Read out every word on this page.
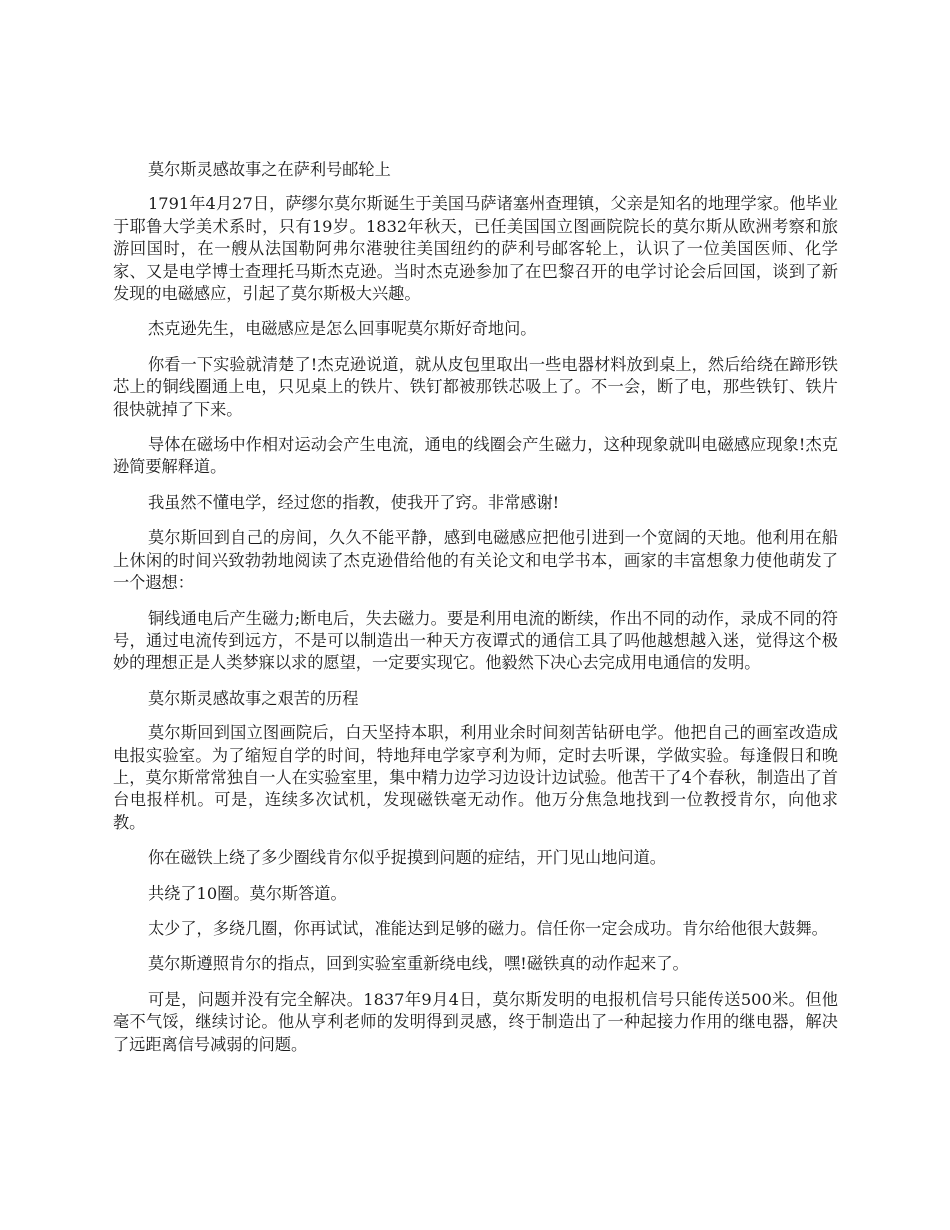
莫尔斯灵感故事之在萨利号邮轮上

1791年4月27日，萨缪尔莫尔斯诞生于美国马萨诸塞州查理镇，父亲是知名的地理学家。他毕业于耶鲁大学美术系时，只有19岁。1832年秋天，已任美国国立图画院院长的莫尔斯从欧洲考察和旅游回国时，在一艘从法国勒阿弗尔港驶往美国纽约的萨利号邮客轮上，认识了一位美国医师、化学家、又是电学博士查理托马斯杰克逊。当时杰克逊参加了在巴黎召开的电学讨论会后回国，谈到了新发现的电磁感应，引起了莫尔斯极大兴趣。

杰克逊先生，电磁感应是怎么回事呢莫尔斯好奇地问。

你看一下实验就清楚了!杰克逊说道，就从皮包里取出一些电器材料放到桌上，然后给绕在蹄形铁芯上的铜线圈通上电，只见桌上的铁片、铁钉都被那铁芯吸上了。不一会，断了电，那些铁钉、铁片很快就掉了下来。

导体在磁场中作相对运动会产生电流，通电的线圈会产生磁力，这种现象就叫电磁感应现象!杰克逊简要解释道。

我虽然不懂电学，经过您的指教，使我开了窍。非常感谢!

莫尔斯回到自己的房间，久久不能平静，感到电磁感应把他引进到一个宽阔的天地。他利用在船上休闲的时间兴致勃勃地阅读了杰克逊借给他的有关论文和电学书本，画家的丰富想象力使他萌发了一个遐想：

铜线通电后产生磁力;断电后，失去磁力。要是利用电流的断续，作出不同的动作，录成不同的符号，通过电流传到远方，不是可以制造出一种天方夜谭式的通信工具了吗他越想越入迷，觉得这个极妙的理想正是人类梦寐以求的愿望，一定要实现它。他毅然下决心去完成用电通信的发明。

莫尔斯灵感故事之艰苦的历程

莫尔斯回到国立图画院后，白天坚持本职，利用业余时间刻苦钻研电学。他把自己的画室改造成电报实验室。为了缩短自学的时间，特地拜电学家亨利为师，定时去听课，学做实验。每逢假日和晚上，莫尔斯常常独自一人在实验室里，集中精力边学习边设计边试验。他苦干了4个春秋，制造出了首台电报样机。可是，连续多次试机，发现磁铁毫无动作。他万分焦急地找到一位教授肯尔，向他求教。

你在磁铁上绕了多少圈线肯尔似乎捉摸到问题的症结，开门见山地问道。

共绕了10圈。莫尔斯答道。

太少了，多绕几圈，你再试试，准能达到足够的磁力。信任你一定会成功。肯尔给他很大鼓舞。

莫尔斯遵照肯尔的指点，回到实验室重新绕电线，嘿!磁铁真的动作起来了。

可是，问题并没有完全解决。1837年9月4日，莫尔斯发明的电报机信号只能传送500米。但他毫不气馁，继续讨论。他从亨利老师的发明得到灵感，终于制造出了一种起接力作用的继电器，解决了远距离信号减弱的问题。
